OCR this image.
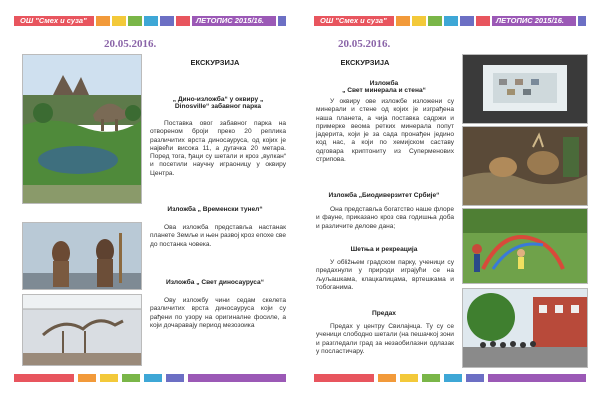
ОШ "Смех и суза"	ЛЕТОПИС 2015/16.
20.05.2016.
ЕКСКУРЗИЈА
„ Дино-изложба“ у оквиру „
Dinosville“ забавног парка

Поставка овог забавног парка на отвореном броји преко 20 реплика различитих врста диносауруса, од којих је највећи висока 11, а дугачка 20 метара. Поред тога, ђаци су шетали и кроз „вулкан“ и посетили научну играоницу у оквиру Центра.

Изложба „ Временски тунел“

Ова изложба представља настанак планете Земље и њен развој кроз епохе све до постанка човека.

Изложба „ Свет диносауруса“

Ову изложбу чини седам скелета различитих врста диносауруса који су рађени по узору на оригиналне фосиле, а који дочаравају период мезозоика

ОШ "Смех и суза"	ЛЕТОПИС 2015/16.
20.05.2016.
ЕКСКУРЗИЈА
Изложба
„ Свет минерала и стена“

У оквиру ове изложбе изложени су минерали и стене од којих је изграђена наша планета, а чија поставка садржи и примерке веома ретких минерала попут јадерита, који је за сада пронађен једино код нас, а који по хемијском саставу одговара криптониту из Суперменових стрипова.

Изложба „Биодиверзитет Србије“

Она представља богатство наше флоре и фауне, приказано кроз сва годишња доба и различите делове дана;

Шетња и рекреација

У обližњем градском парку, ученици су предахнули у природи играјући се на љуљашкама, клацкалицама, вртешкама и тобоганима.

Предах

Предах у центру Свилајнца. Ту су се ученици слободно шетали (на пешачкој зони и разгледали град за незаобилазни одлазак у посластичару.
